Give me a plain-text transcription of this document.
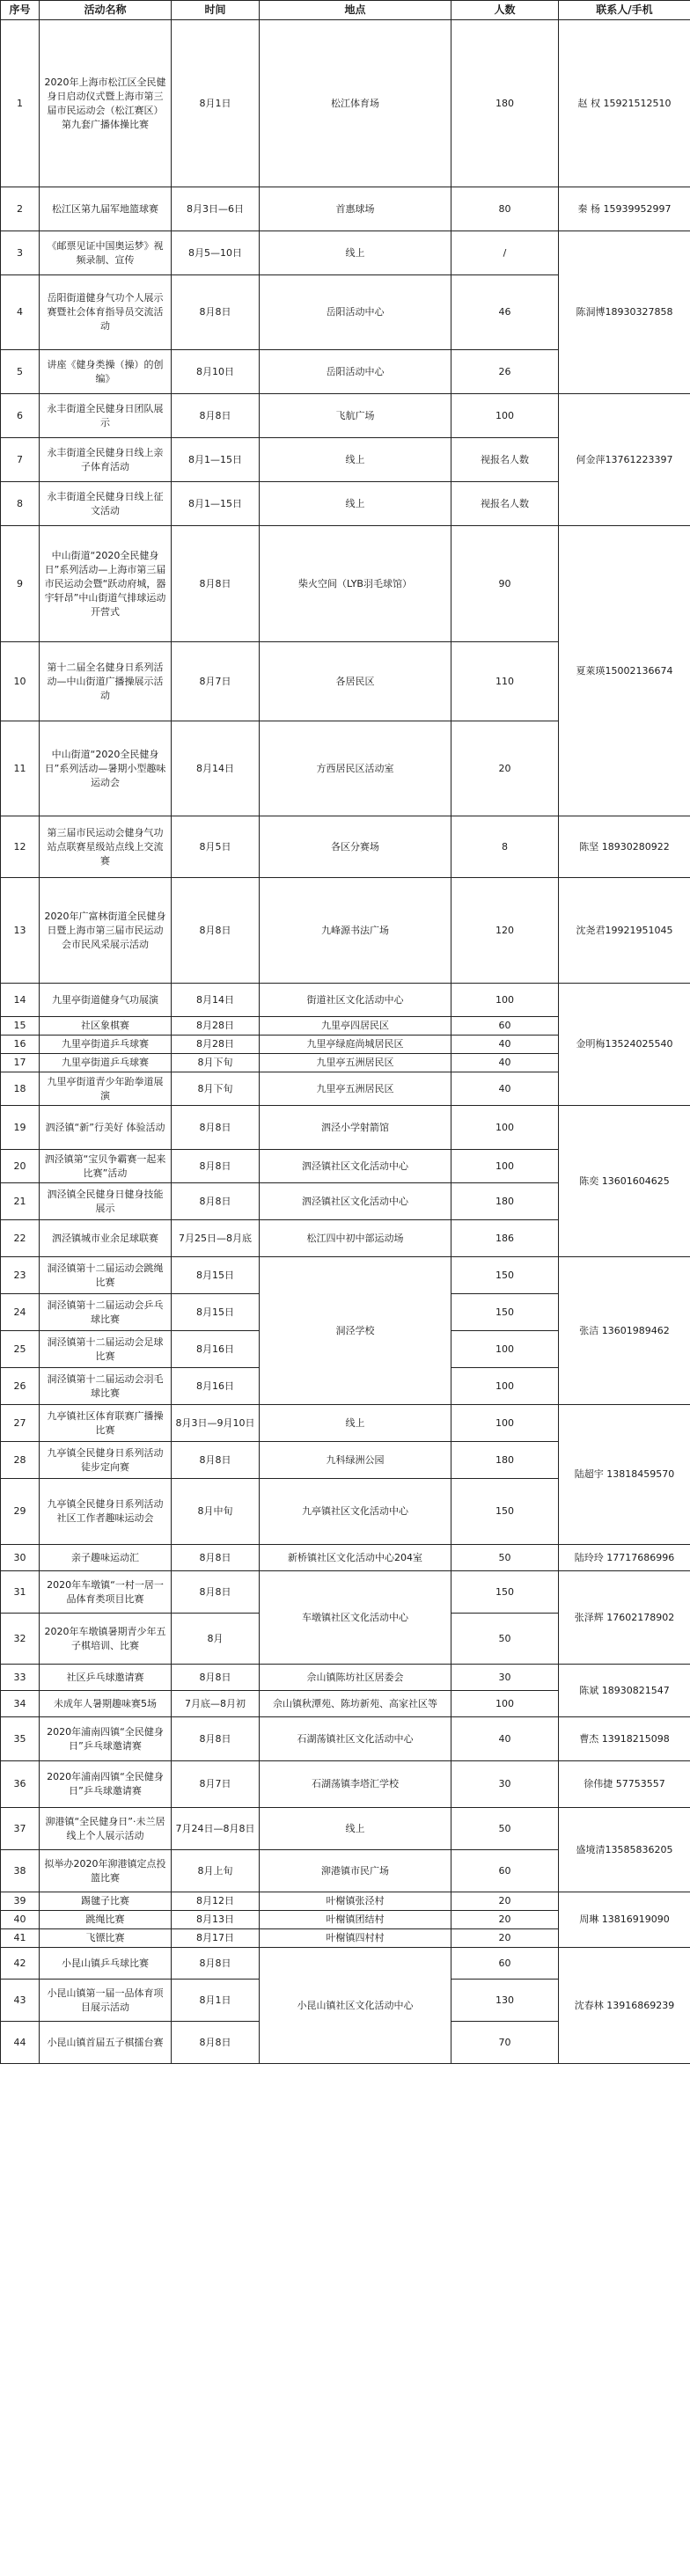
序号	活动名称	时间	地点	人数	联系人/手机
1	2020年上海市松江区全民健身日启动仪式暨上海市第三届市民运动会（松江赛区）第九套广播体操比赛	8月1日	松江体育场	180	赵 权 15921512510
2	松江区第九届军地篮球赛	8月3日—6日	首惠球场	80	秦 杨 15939952997
3	《邮票见证中国奥运梦》视频录制、宣传	8月5—10日	线上	/	陈洞博18930327858
4	岳阳街道健身气功个人展示赛暨社会体育指导员交流活动	8月8日	岳阳活动中心	46	
5	讲座《健身类操（操）的创编》	8月10日	岳阳活动中心	26	
6	永丰街道全民健身日团队展示	8月8日	飞航广场	100	何金萍13761223397
7	永丰街道全民健身日线上亲子体育活动	8月1—15日	线上	视报名人数	
8	永丰街道全民健身日线上征文活动	8月1—15日	线上	视报名人数	
9	中山街道“2020全民健身日”系列活动—上海市第三届市民运动会暨“跃动府城，器宇轩昂”中山街道气排球运动开营式	8月8日	柴火空间（LYB羽毛球馆）	90	夏萊瑛15002136674
10	第十二届全名健身日系列活动—中山街道广播操展示活动	8月7日	各居民区	110	
11	中山街道“2020全民健身日”系列活动—暑期小型趣味运动会	8月14日	方西居民区活动室	20	
12	第三届市民运动会健身气功站点联赛星级站点线上交流赛	8月5日	各区分赛场	8	陈坚 18930280922
13	2020年广富林街道全民健身日暨上海市第三届市民运动会市民风采展示活动	8月8日	九峰源书法广场	120	沈尧君19921951045
14	九里亭街道健身气功展演	8月14日	街道社区文化活动中心	100	金明梅13524025540
15	社区象棋赛	8月28日	九里亭四居民区	60	
16	九里亭街道乒乓球赛	8月28日	九里亭绿庭尚城居民区	40	
17	九里亭街道乒乓球赛	8月下旬	九里亭五洲居民区	40	
18	九里亭街道青少年跆拳道展演	8月下旬	九里亭五洲居民区	40	
19	泗泾镇“新”行美好 体验活动	8月8日	泗泾小学射箭馆	100	陈奕 13601604625
20	泗泾镇第“宝贝争霸赛一起来比赛”活动	8月8日	泗泾镇社区文化活动中心	100	
21	泗泾镇全民健身日健身技能展示	8月8日	泗泾镇社区文化活动中心	180	
22	泗泾镇城市业余足球联赛	7月25日—8月底	松江四中初中部运动场	186	
23	洞泾镇第十二届运动会跳绳比赛	8月15日	洞泾学校	150	张洁 13601989462
24	洞泾镇第十二届运动会乒乓球比赛	8月15日		150	
25	洞泾镇第十二届运动会足球比赛	8月16日		100	
26	洞泾镇第十二届运动会羽毛球比赛	8月16日		100	
27	九亭镇社区体育联赛广播操比赛	8月3日—9月10日	线上	100	陆超宇 13818459570
28	九亭镇全民健身日系列活动徒步定向赛	8月8日	九科绿洲公园	180	
29	九亭镇全民健身日系列活动社区工作者趣味运动会	8月中旬	九亭镇社区文化活动中心	150	
30	亲子趣味运动汇	8月8日	新桥镇社区文化活动中心204室	50	陆玲玲 17717686996
31	2020年车墩镇“一村一居一品体育类项目比赛	8月8日	车墩镇社区文化活动中心	150	张泽辉 17602178902
32	2020年车墩镇暑期青少年五子棋培训、比赛	8月		50	
33	社区乒乓球邀请赛	8月8日	佘山镇陈坊社区居委会	30	陈斌 18930821547
34	未成年人暑期趣味赛5场	7月底—8月初	佘山镇秋潭苑、陈坊新苑、高家社区等	100	
35	2020年浦南四镇“全民健身日”乒乓球邀请赛	8月8日	石湖荡镇社区文化活动中心	40	曹杰 13918215098
36	2020年浦南四镇“全民健身日”乒乓球邀请赛	8月7日	石湖荡镇李塔汇学校	30	徐伟捷 57753557
37	泖港镇“全民健身日”·未兰居线上个人展示活动	7月24日—8月8日	线上	50	盛境清13585836205
38	拟举办2020年泖港镇定点投篮比赛	8月上旬	泖港镇市民广场	60	
39	踢毽子比赛	8月12日	叶榭镇张泾村	20	周琳 13816919090
40	跳绳比赛	8月13日	叶榭镇团结村	20	
41	飞镖比赛	8月17日	叶榭镇四村村	20	
42	小昆山镇乒乓球比赛	8月8日	小昆山镇社区文化活动中心	60	沈春林 13916869239
43	小昆山镇第一届一品体育项目展示活动	8月1日		130	
44	小昆山镇首届五子棋擂台赛	8月8日		70	
